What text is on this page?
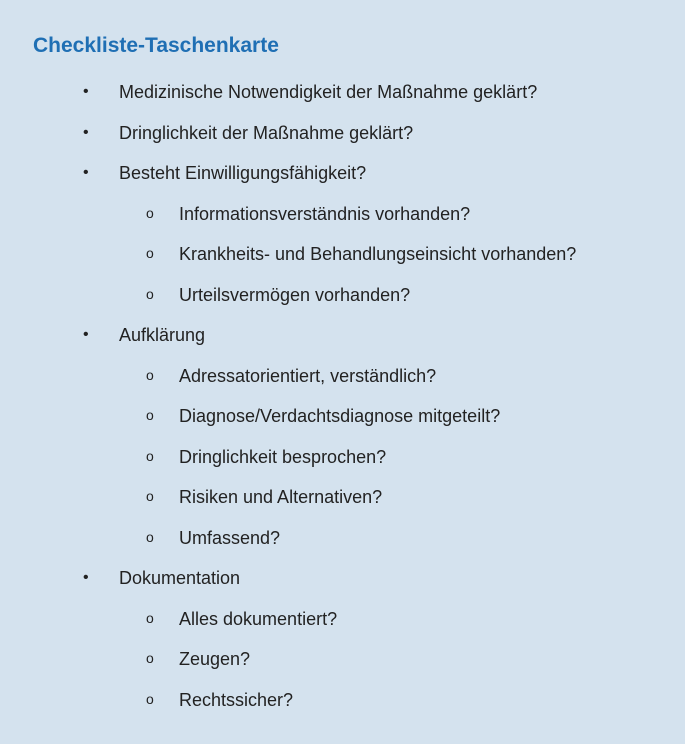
Checkliste-Taschenkarte
• Medizinische Notwendigkeit der Maßnahme geklärt?
• Dringlichkeit der Maßnahme geklärt?
• Besteht Einwilligungsfähigkeit?
o Informationsverständnis vorhanden?
o Krankheits- und Behandlungseinsicht vorhanden?
o Urteilsvermögen vorhanden?
• Aufklärung
o Adressatorientiert, verständlich?
o Diagnose/Verdachtsdiagnose mitgeteilt?
o Dringlichkeit besprochen?
o Risiken und Alternativen?
o Umfassend?
• Dokumentation
o Alles dokumentiert?
o Zeugen?
o Rechtssicher?
